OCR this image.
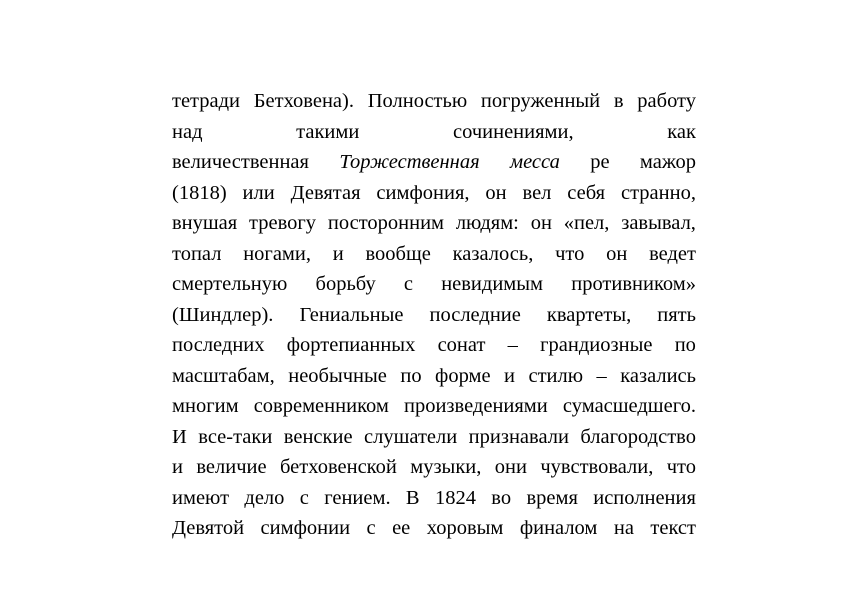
тетради Бетховена). Полностью погруженный в работу
над	такими	сочинениями,	как
величественная Торжественная месса ре мажор
(1818) или Девятая симфония, он вел себя странно,
внушая тревогу посторонним людям: он «пел, завывал,
топал ногами, и вообще казалось, что он ведет
смертельную борьбу с невидимым противником»
(Шиндлер). Гениальные последние квартеты, пять
последних фортепианных сонат – грандиозные по
масштабам, необычные по форме и стилю – казались
многим современником произведениями сумасшедшего.
И все-таки венские слушатели признавали благородство
и величие бетховенской музыки, они чувствовали, что
имеют дело с гением. В 1824 во время исполнения
Девятой симфонии с ее хоровым финалом на текст
